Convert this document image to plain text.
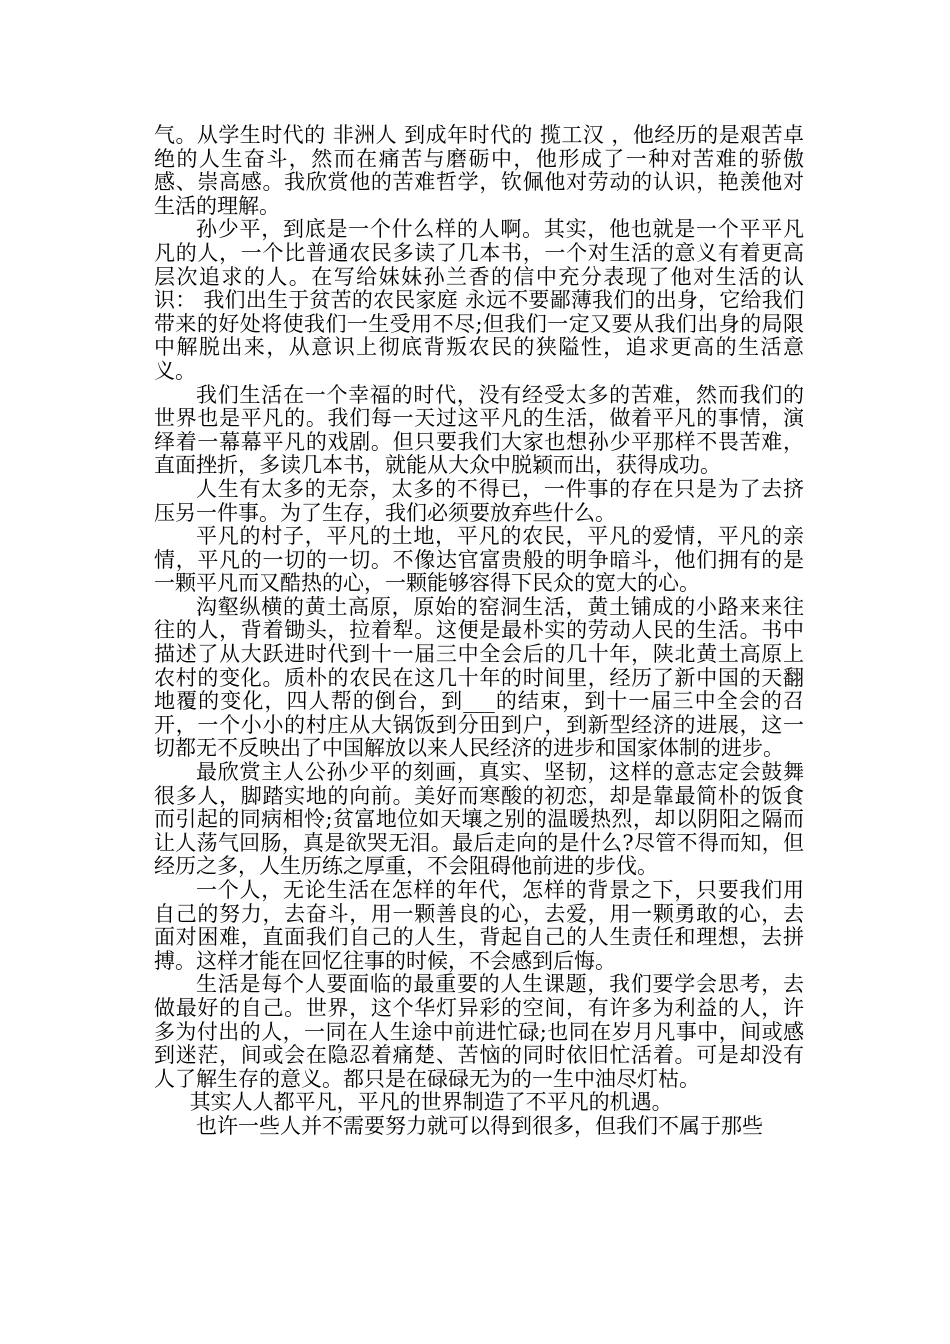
气。从学生时代的 非洲人 到成年时代的 揽工汉 ，他经历的是艰苦卓绝的人生奋斗，然而在痛苦与磨砺中，他形成了一种对苦难的骄傲感、崇高感。我欣赏他的苦难哲学，钦佩他对劳动的认识，艳羡他对生活的理解。

孙少平，到底是一个什么样的人啊。其实，他也就是一个平平凡凡的人，一个比普通农民多读了几本书，一个对生活的意义有着更高层次追求的人。在写给妹妹孙兰香的信中充分表现了他对生活的认识： 我们出生于贫苦的农民家庭 永远不要鄙薄我们的出身，它给我们带来的好处将使我们一生受用不尽;但我们一定又要从我们出身的局限中解脱出来，从意识上彻底背叛农民的狭隘性，追求更高的生活意义。

我们生活在一个幸福的时代，没有经受太多的苦难，然而我们的世界也是平凡的。我们每一天过这平凡的生活，做着平凡的事情，演绎着一幕幕平凡的戏剧。但只要我们大家也想孙少平那样不畏苦难，直面挫折，多读几本书，就能从大众中脱颖而出，获得成功。

人生有太多的无奈，太多的不得已，一件事的存在只是为了去挤压另一件事。为了生存，我们必须要放弃些什么。

平凡的村子，平凡的土地，平凡的农民，平凡的爱情，平凡的亲情，平凡的一切的一切。不像达官富贵般的明争暗斗，他们拥有的是一颗平凡而又酷热的心，一颗能够容得下民众的宽大的心。

沟壑纵横的黄土高原，原始的窑洞生活，黄土铺成的小路来来往往的人，背着锄头，拉着犁。这便是最朴实的劳动人民的生活。书中描述了从大跃进时代到十一届三中全会后的几十年，陕北黄土高原上农村的变化。质朴的农民在这几十年的时间里，经历了新中国的天翻地覆的变化，四人帮的倒台，到___的结束，到十一届三中全会的召开，一个小小的村庄从大锅饭到分田到户，到新型经济的进展，这一切都无不反映出了中国解放以来人民经济的进步和国家体制的进步。

最欣赏主人公孙少平的刻画，真实、坚韧，这样的意志定会鼓舞很多人，脚踏实地的向前。美好而寒酸的初恋，却是靠最简朴的饭食而引起的同病相怜;贫富地位如天壤之别的温暖热烈，却以阴阳之隔而让人荡气回肠，真是欲哭无泪。最后走向的是什么?尽管不得而知，但经历之多，人生历练之厚重，不会阻碍他前进的步伐。

一个人，无论生活在怎样的年代，怎样的背景之下，只要我们用自己的努力，去奋斗，用一颗善良的心，去爱，用一颗勇敢的心，去面对困难，直面我们自己的人生，背起自己的人生责任和理想，去拼搏。这样才能在回忆往事的时候，不会感到后悔。

生活是每个人要面临的最重要的人生课题，我们要学会思考，去做最好的自己。世界，这个华灯异彩的空间，有许多为利益的人，许多为付出的人，一同在人生途中前进忙碌;也同在岁月凡事中，间或感到迷茫，间或会在隐忍着痛楚、苦恼的同时依旧忙活着。可是却没有人了解生存的意义。都只是在碌碌无为的一生中油尽灯枯。

其实人人都平凡，平凡的世界制造了不平凡的机遇。

也许一些人并不需要努力就可以得到很多，但我们不属于那些
